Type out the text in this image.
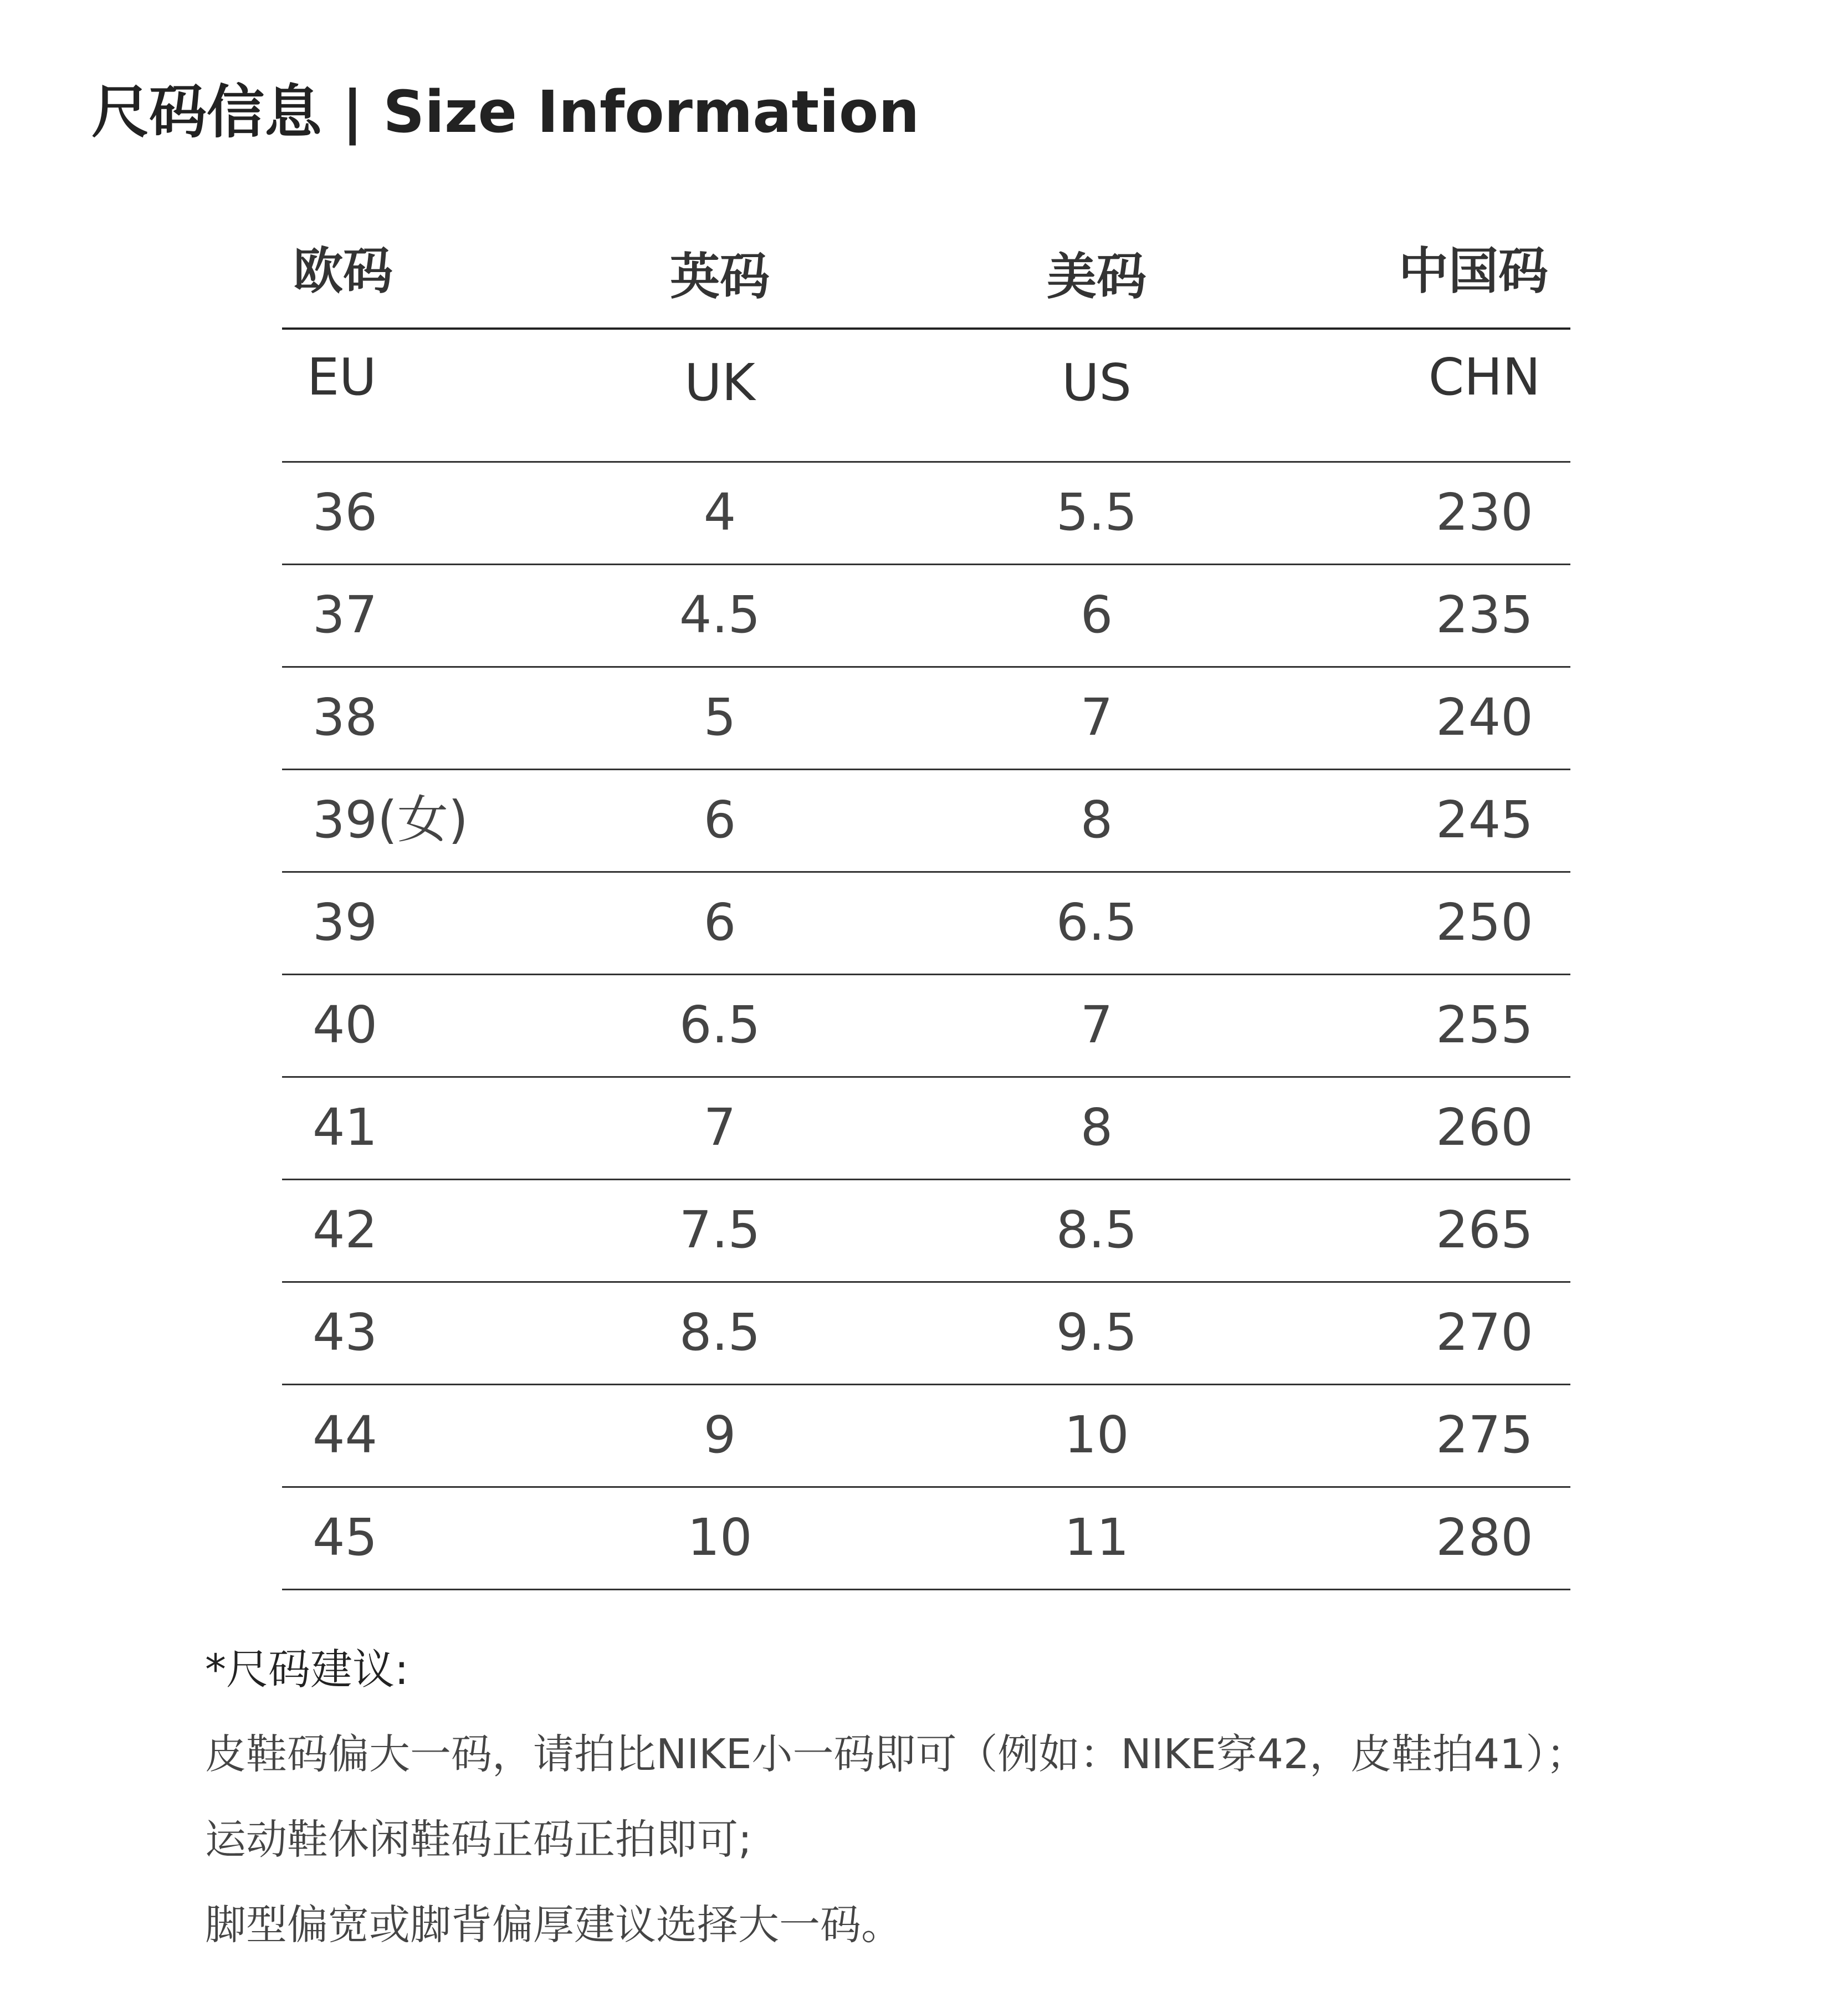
尺码信息 | Size Information
欧码	英码	美码	中国码
EU	UK	US	CHN
36	4	5.5	230
37	4.5	6	235
38	5	7	240
39(女)	6	8	245
39	6	6.5	250
40	6.5	7	255
41	7	8	260
42	7.5	8.5	265
43	8.5	9.5	270
44	9	10	275
45	10	11	280
*尺码建议:
皮鞋码偏大一码，请拍比NIKE小一码即可（例如：NIKE穿42，皮鞋拍41）；
运动鞋休闲鞋码正码正拍即可;
脚型偏宽或脚背偏厚建议选择大一码。
